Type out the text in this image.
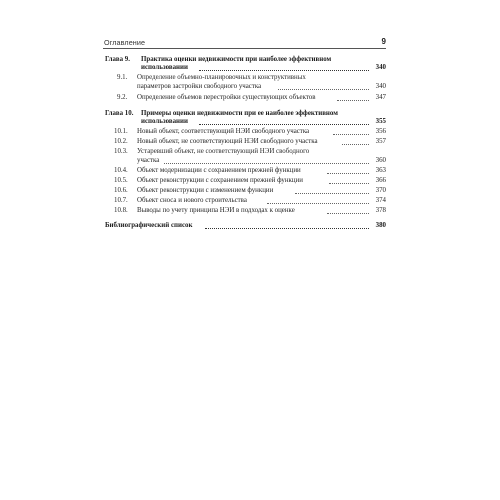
Оглавление	9
Глава 9. Практика оценки недвижимости при наиболее эффективном
использовании	340
9.1. Определение объемно-планировочных и конструктивных
параметров застройки свободного участка	340
9.2. Определение объемов перестройки существующих объектов	347
Глава 10. Примеры оценки недвижимости при ее наиболее эффективном
использовании	355
10.1. Новый объект, соответствующий НЭИ свободного участка	356
10.2. Новый объект, не соответствующий НЭИ свободного участка	357
10.3. Устаревший объект, не соответствующий НЭИ свободного
участка	360
10.4. Объект модернизации с сохранением прежней функции	363
10.5. Объект реконструкции с сохранением прежней функции	366
10.6. Объект реконструкции с изменением функции	370
10.7. Объект сноса и нового строительства	374
10.8. Выводы по учету принципа НЭИ в подходах к оценке	378
Библиографический список	380
